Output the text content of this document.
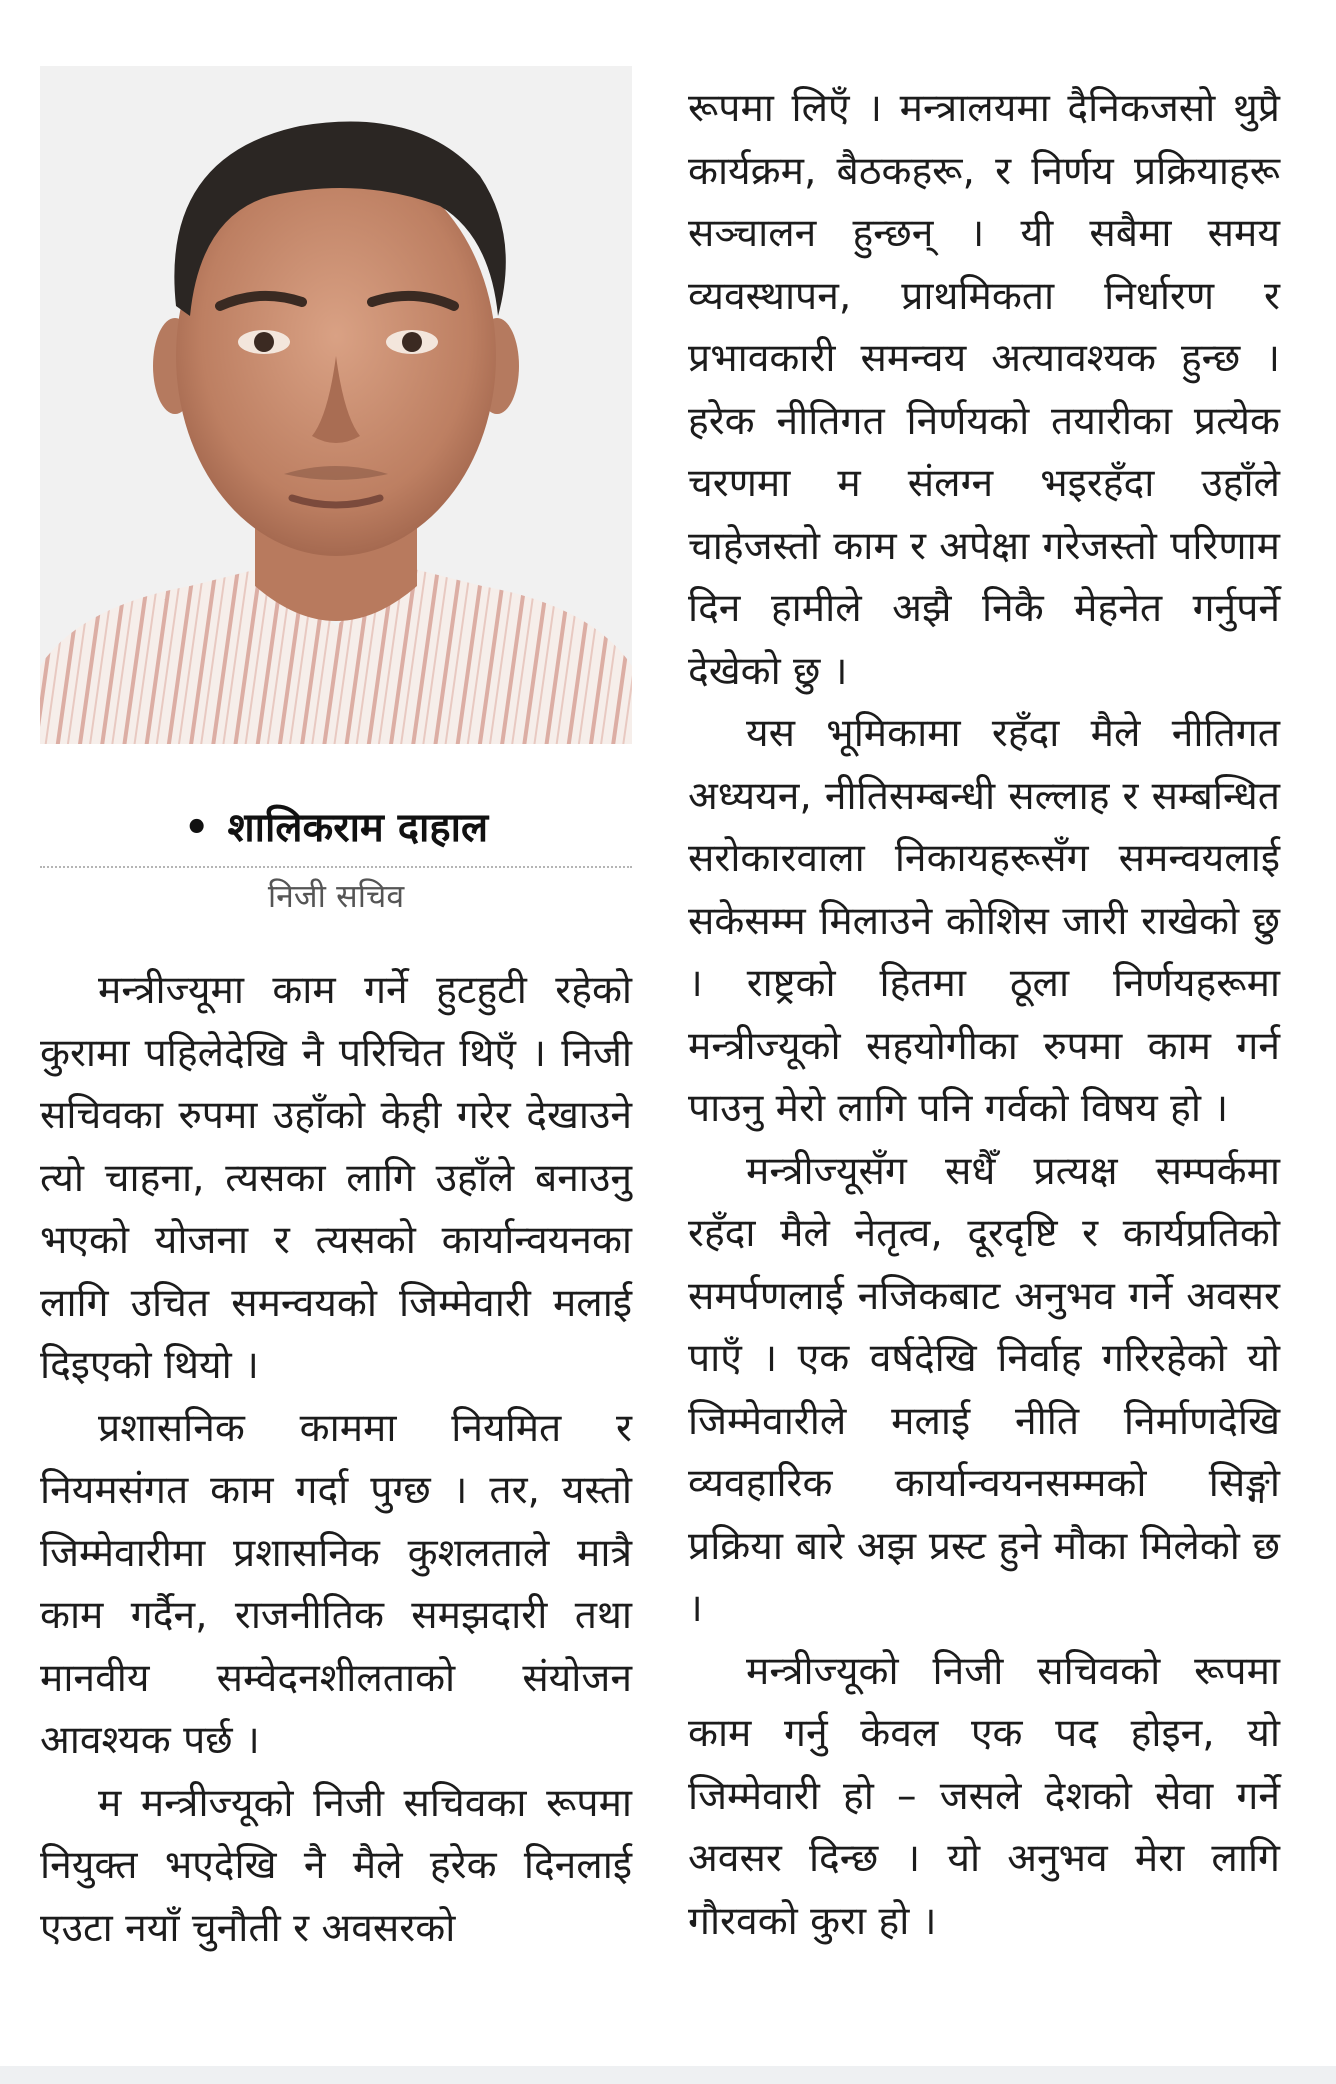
• शालिकराम दाहाल
निजी सचिव

मन्त्रीज्यूमा काम गर्ने हुटहुटी रहेको कुरामा पहिलेदेखि नै परिचित थिएँ । निजी सचिवका रुपमा उहाँको केही गरेर देखाउने त्यो चाहना, त्यसका लागि उहाँले बनाउनु भएको योजना र त्यसको कार्यान्वयनका लागि उचित समन्वयको जिम्मेवारी मलाई दिइएको थियो ।

प्रशासनिक काममा नियमित र नियमसंगत काम गर्दा पुग्छ । तर, यस्तो जिम्मेवारीमा प्रशासनिक कुशलताले मात्रै काम गर्दैन, राजनीतिक समझदारी तथा मानवीय सम्वेदनशीलताको संयोजन आवश्यक पर्छ ।

म मन्त्रीज्यूको निजी सचिवका रूपमा नियुक्त भएदेखि नै मैले हरेक दिनलाई एउटा नयाँ चुनौती र अवसरको

रूपमा लिएँ । मन्त्रालयमा दैनिकजसो थुप्रै कार्यक्रम, बैठकहरू, र निर्णय प्रक्रियाहरू सञ्चालन हुन्छन् । यी सबैमा समय व्यवस्थापन, प्राथमिकता निर्धारण र प्रभावकारी समन्वय अत्यावश्यक हुन्छ । हरेक नीतिगत निर्णयको तयारीका प्रत्येक चरणमा म संलग्न भइरहँदा उहाँले चाहेजस्तो काम र अपेक्षा गरेजस्तो परिणाम दिन हामीले अझै निकै मेहनेत गर्नुपर्ने देखेको छु ।

यस भूमिकामा रहँदा मैले नीतिगत अध्ययन, नीतिसम्बन्धी सल्लाह र सम्बन्धित सरोकारवाला निकायहरूसँग समन्वयलाई सकेसम्म मिलाउने कोशिस जारी राखेको छु । राष्ट्रको हितमा ठूला निर्णयहरूमा मन्त्रीज्यूको सहयोगीका रुपमा काम गर्न पाउनु मेरो लागि पनि गर्वको विषय हो ।

मन्त्रीज्यूसँग सधैँ प्रत्यक्ष सम्पर्कमा रहँदा मैले नेतृत्व, दूरदृष्टि र कार्यप्रतिको समर्पणलाई नजिकबाट अनुभव गर्ने अवसर पाएँ । एक वर्षदेखि निर्वाह गरिरहेको यो जिम्मेवारीले मलाई नीति निर्माणदेखि व्यवहारिक कार्यान्वयनसम्मको सिङ्गो प्रक्रिया बारे अझ प्रस्ट हुने मौका मिलेको छ ।

मन्त्रीज्यूको निजी सचिवको रूपमा काम गर्नु केवल एक पद होइन, यो जिम्मेवारी हो – जसले देशको सेवा गर्ने अवसर दिन्छ । यो अनुभव मेरा लागि गौरवको कुरा हो ।
